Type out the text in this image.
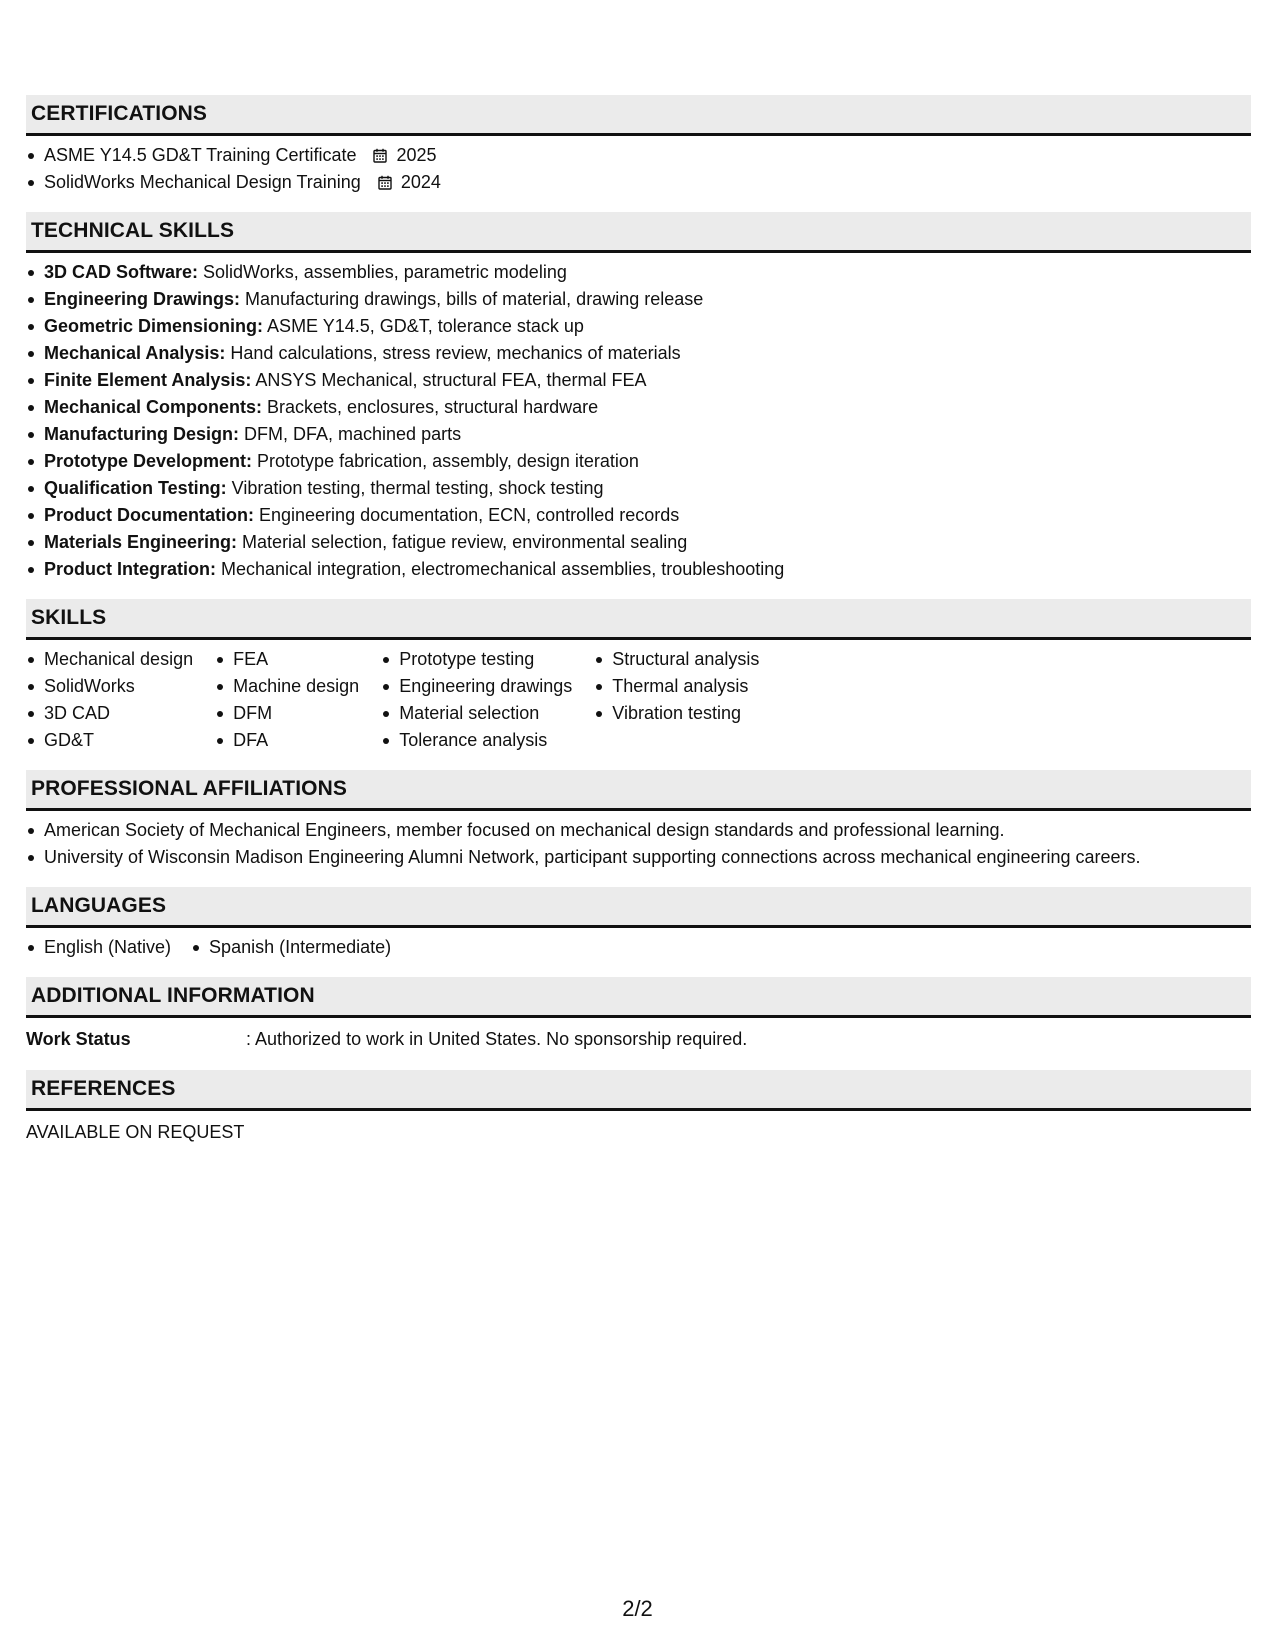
CERTIFICATIONS
ASME Y14.5 GD&T Training Certificate 2025
SolidWorks Mechanical Design Training 2024
TECHNICAL SKILLS
3D CAD Software: SolidWorks, assemblies, parametric modeling
Engineering Drawings: Manufacturing drawings, bills of material, drawing release
Geometric Dimensioning: ASME Y14.5, GD&T, tolerance stack up
Mechanical Analysis: Hand calculations, stress review, mechanics of materials
Finite Element Analysis: ANSYS Mechanical, structural FEA, thermal FEA
Mechanical Components: Brackets, enclosures, structural hardware
Manufacturing Design: DFM, DFA, machined parts
Prototype Development: Prototype fabrication, assembly, design iteration
Qualification Testing: Vibration testing, thermal testing, shock testing
Product Documentation: Engineering documentation, ECN, controlled records
Materials Engineering: Material selection, fatigue review, environmental sealing
Product Integration: Mechanical integration, electromechanical assemblies, troubleshooting
SKILLS
Mechanical design
SolidWorks
3D CAD
GD&T
FEA
Machine design
DFM
DFA
Prototype testing
Engineering drawings
Material selection
Tolerance analysis
Structural analysis
Thermal analysis
Vibration testing
PROFESSIONAL AFFILIATIONS
American Society of Mechanical Engineers, member focused on mechanical design standards and professional learning.
University of Wisconsin Madison Engineering Alumni Network, participant supporting connections across mechanical engineering careers.
LANGUAGES
English (Native)	Spanish (Intermediate)
ADDITIONAL INFORMATION
Work Status	: Authorized to work in United States. No sponsorship required.
REFERENCES
AVAILABLE ON REQUEST
2/2
